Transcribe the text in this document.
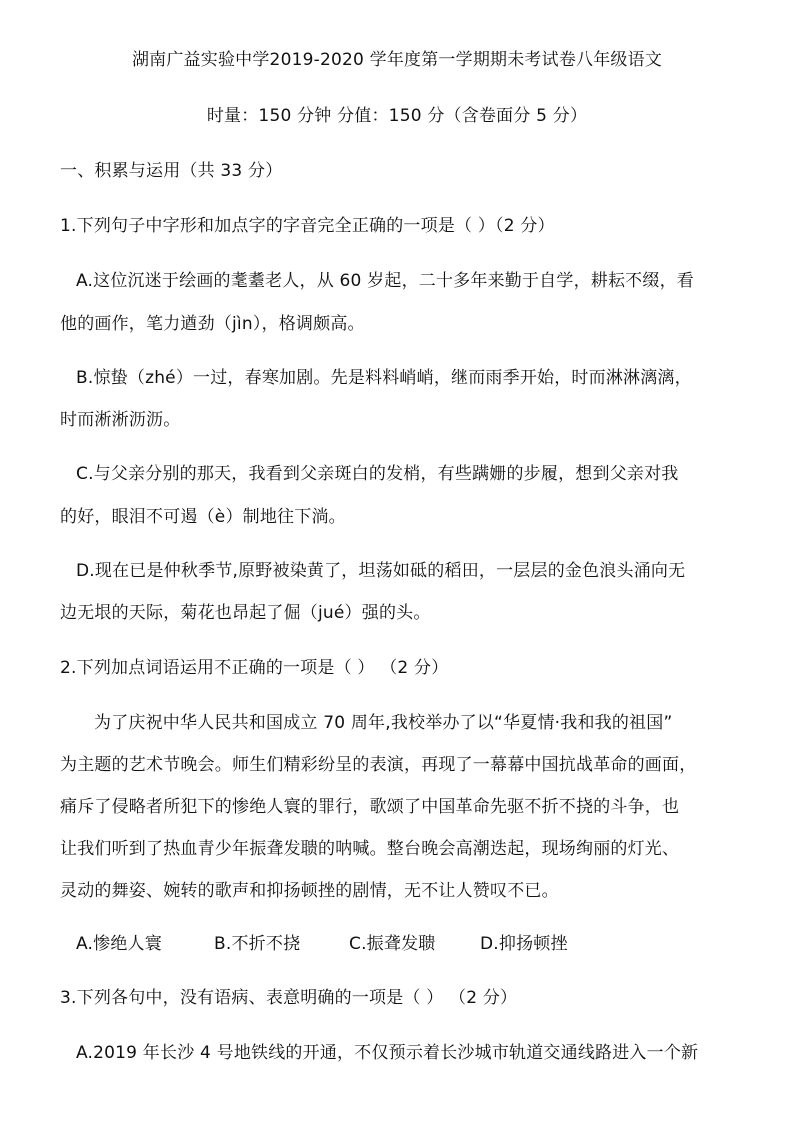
湖南广益实验中学2019-2020 学年度第一学期期未考试卷八年级语文
时量：150 分钟 分值：150 分（含卷面分 5 分）
一、积累与运用（共 33 分）
1.下列句子中字形和加点字的字音完全正确的一项是（ ）（2 分）
A.这位沉迷于绘画的耄耋老人，从 60 岁起，二十多年来勤于自学，耕耘不缀，看
他的画作，笔力遒劲（jìn），格调颇高。
B.惊蛰（zhé）一过，春寒加剧。先是料料峭峭，继而雨季开始，时而淋淋漓漓，
时而淅淅沥沥。
C.与父亲分别的那天，我看到父亲斑白的发梢，有些蹒姗的步履，想到父亲对我
的好，眼泪不可遏（è）制地往下淌。
D.现在已是仲秋季节,原野被染黄了，坦荡如砥的稻田，一层层的金色浪头涌向无
边无垠的天际，菊花也昂起了倔（jué）强的头。
2.下列加点词语运用不正确的一项是（ ） （2 分）
为了庆祝中华人民共和国成立 70 周年,我校举办了以“华夏情·我和我的祖国”
为主题的艺术节晚会。师生们精彩纷呈的表演，再现了一幕幕中国抗战革命的画面，
痛斥了侵略者所犯下的惨绝人寰的罪行，歌颂了中国革命先驱不折不挠的斗争，也
让我们听到了热血青少年振聋发聩的呐喊。整台晚会高潮迭起，现场绚丽的灯光、
灵动的舞姿、婉转的歌声和抑扬顿挫的剧情，无不让人赞叹不已。
A.惨绝人寰	B.不折不挠	C.振聋发聩	D.抑扬顿挫
3.下列各句中，没有语病、表意明确的一项是（ ） （2 分）
A.2019 年长沙 4 号地铁线的开通，不仅预示着长沙城市轨道交通线路进入一个新
